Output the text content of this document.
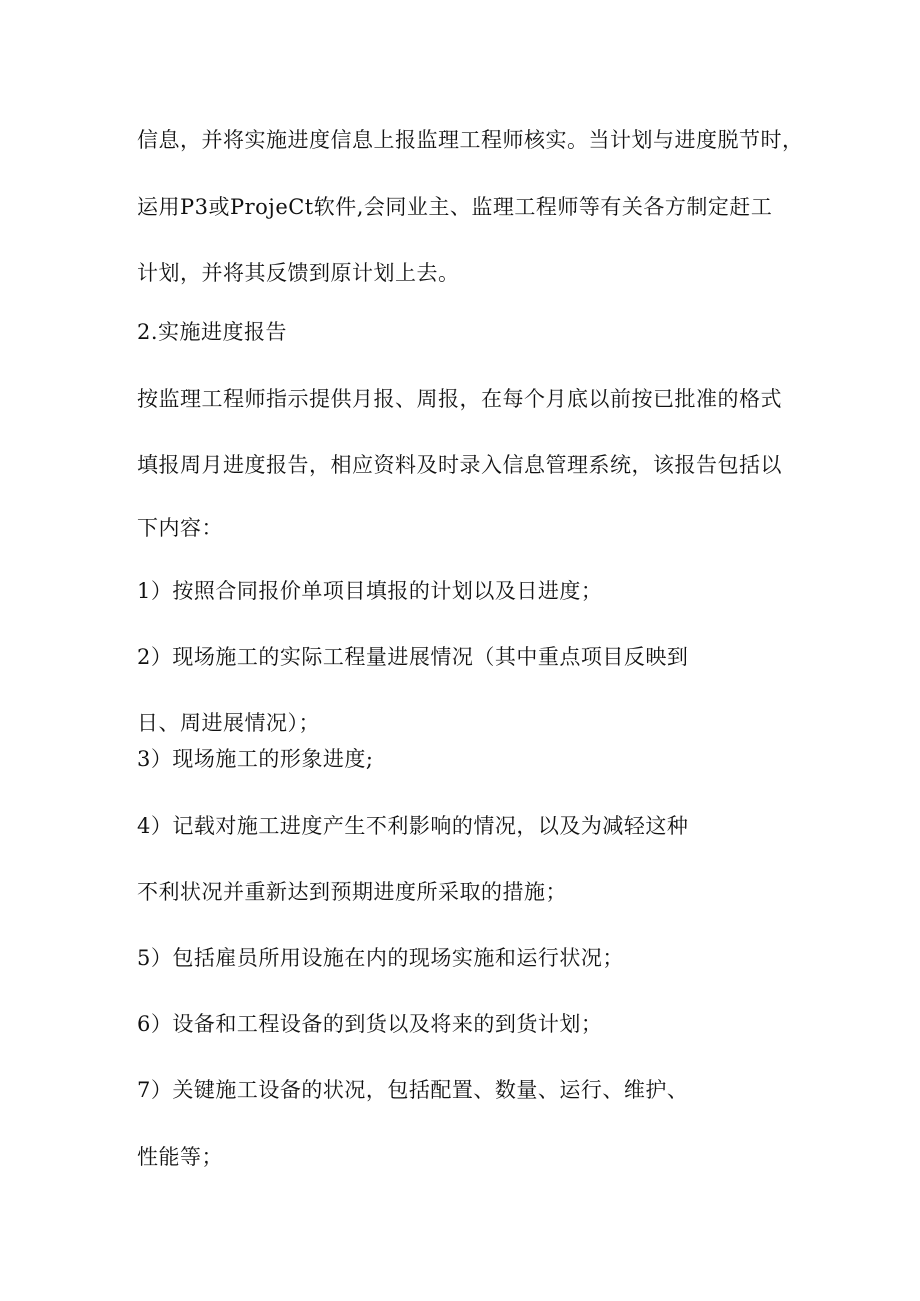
信息，并将实施进度信息上报监理工程师核实。当计划与进度脱节时，

运用P3或ProjeCt软件,会同业主、监理工程师等有关各方制定赶工

计划，并将其反馈到原计划上去。

2.实施进度报告

按监理工程师指示提供月报、周报，在每个月底以前按已批准的格式

填报周月进度报告，相应资料及时录入信息管理系统，该报告包括以

下内容：

1）按照合同报价单项目填报的计划以及日进度；

2）现场施工的实际工程量进展情况（其中重点项目反映到

日、周进展情况）；

3）现场施工的形象进度;

4）记载对施工进度产生不利影响的情况，以及为减轻这种

不利状况并重新达到预期进度所采取的措施；

5）包括雇员所用设施在内的现场实施和运行状况；

6）设备和工程设备的到货以及将来的到货计划；

7）关键施工设备的状况，包括配置、数量、运行、维护、

性能等；
